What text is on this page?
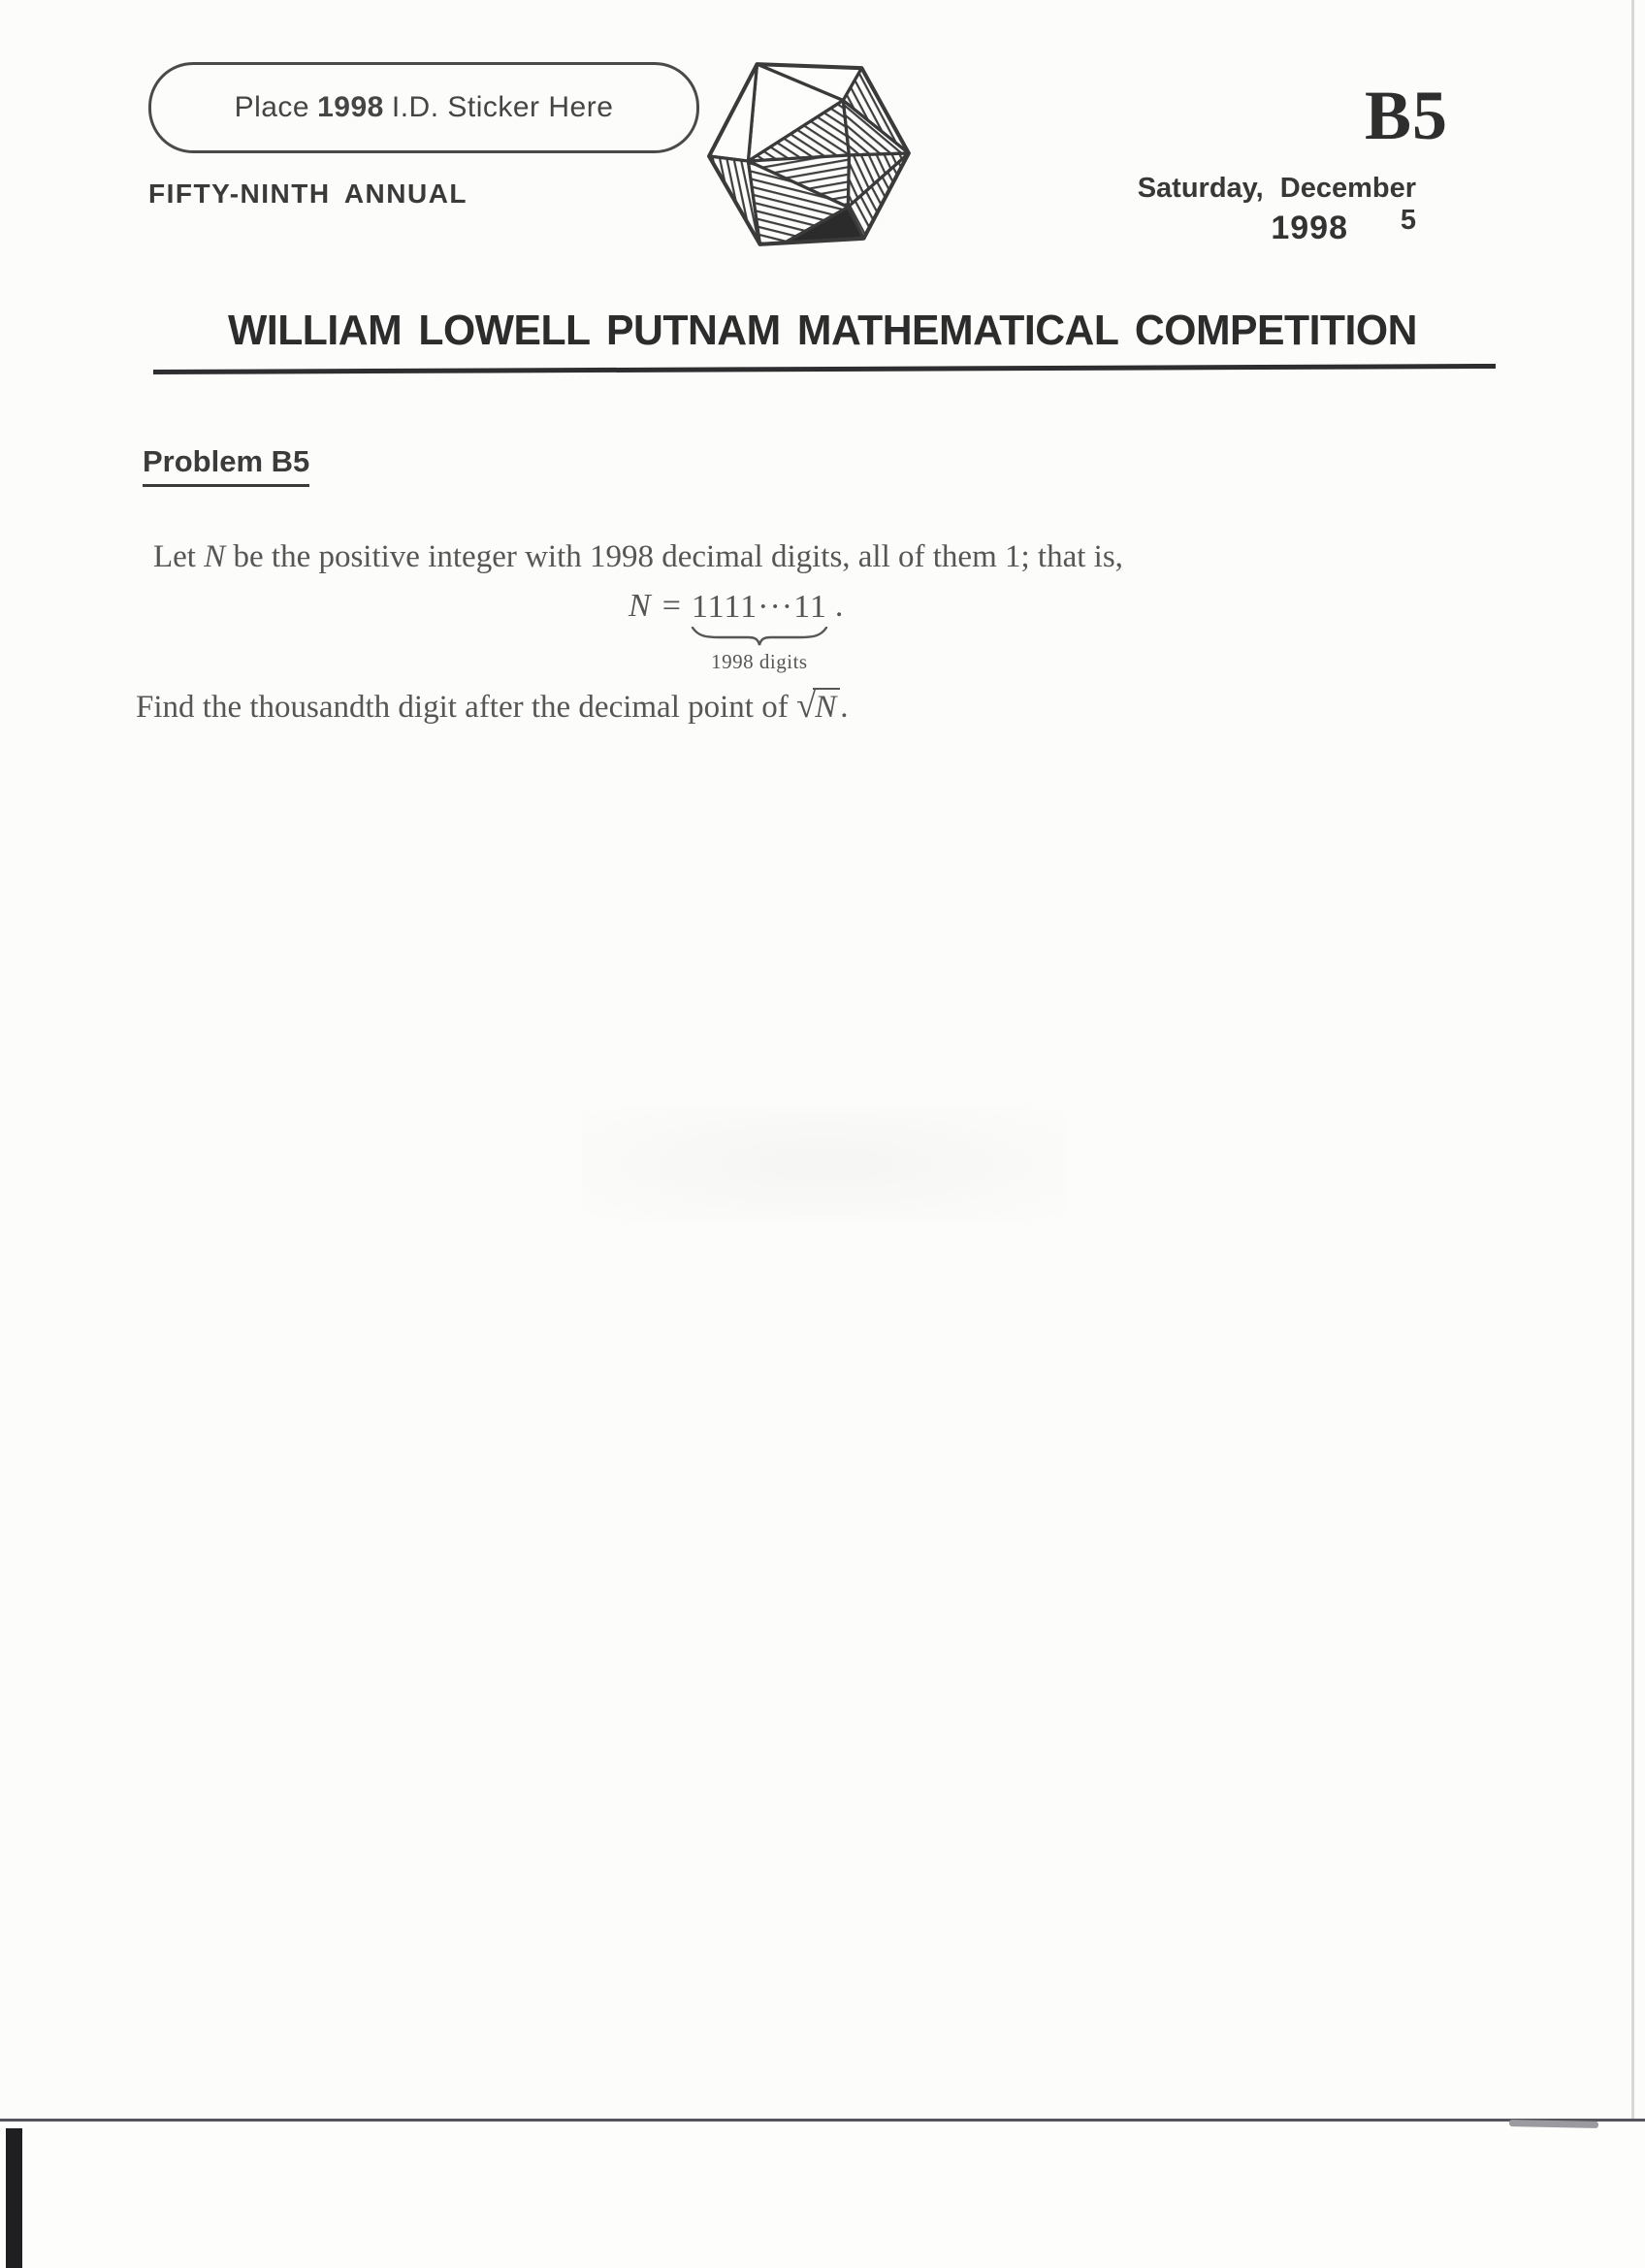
Place 1998 I.D. Sticker Here
FIFTY-NINTH ANNUAL
B5
Saturday, December 5
1998
WILLIAM LOWELL PUTNAM MATHEMATICAL COMPETITION
Problem B5
Let N be the positive integer with 1998 decimal digits, all of them 1; that is,
N = 1111···11
1998 digits
.
Find the thousandth digit after the decimal point of √N .
